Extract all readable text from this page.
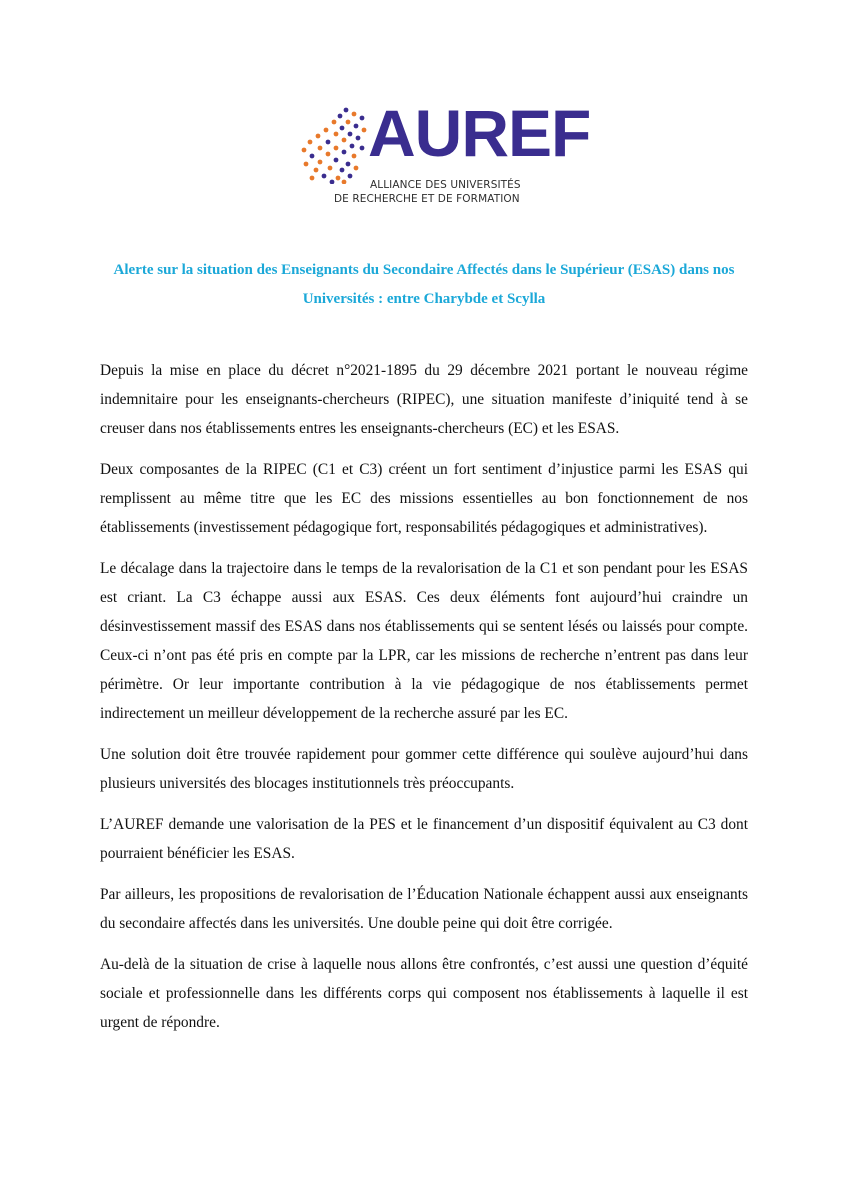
AUREF
ALLIANCE DES UNIVERSITÉS
DE RECHERCHE ET DE FORMATION
Alerte sur la situation des Enseignants du Secondaire Affectés dans le Supérieur (ESAS) dans nos Universités : entre Charybde et Scylla

Depuis la mise en place du décret n°2021-1895 du 29 décembre 2021 portant le nouveau régime indemnitaire pour les enseignants-chercheurs (RIPEC), une situation manifeste d’iniquité tend à se creuser dans nos établissements entres les enseignants-chercheurs (EC) et les ESAS.

Deux composantes de la RIPEC (C1 et C3) créent un fort sentiment d’injustice parmi les ESAS qui remplissent au même titre que les EC des missions essentielles au bon fonctionnement de nos établissements (investissement pédagogique fort, responsabilités pédagogiques et administratives).

Le décalage dans la trajectoire dans le temps de la revalorisation de la C1 et son pendant pour les ESAS est criant. La C3 échappe aussi aux ESAS. Ces deux éléments font aujourd’hui craindre un désinvestissement massif des ESAS dans nos établissements qui se sentent lésés ou laissés pour compte. Ceux-ci n’ont pas été pris en compte par la LPR, car les missions de recherche n’entrent pas dans leur périmètre. Or leur importante contribution à la vie pédagogique de nos établissements permet indirectement un meilleur développement de la recherche assuré par les EC.

Une solution doit être trouvée rapidement pour gommer cette différence qui soulève aujourd’hui dans plusieurs universités des blocages institutionnels très préoccupants.

L’AUREF demande une valorisation de la PES et le financement d’un dispositif équivalent au C3 dont pourraient bénéficier les ESAS.

Par ailleurs, les propositions de revalorisation de l’Éducation Nationale échappent aussi aux enseignants du secondaire affectés dans les universités. Une double peine qui doit être corrigée.

Au-delà de la situation de crise à laquelle nous allons être confrontés, c’est aussi une question d’équité sociale et professionnelle dans les différents corps qui composent nos établissements à laquelle il est urgent de répondre.
